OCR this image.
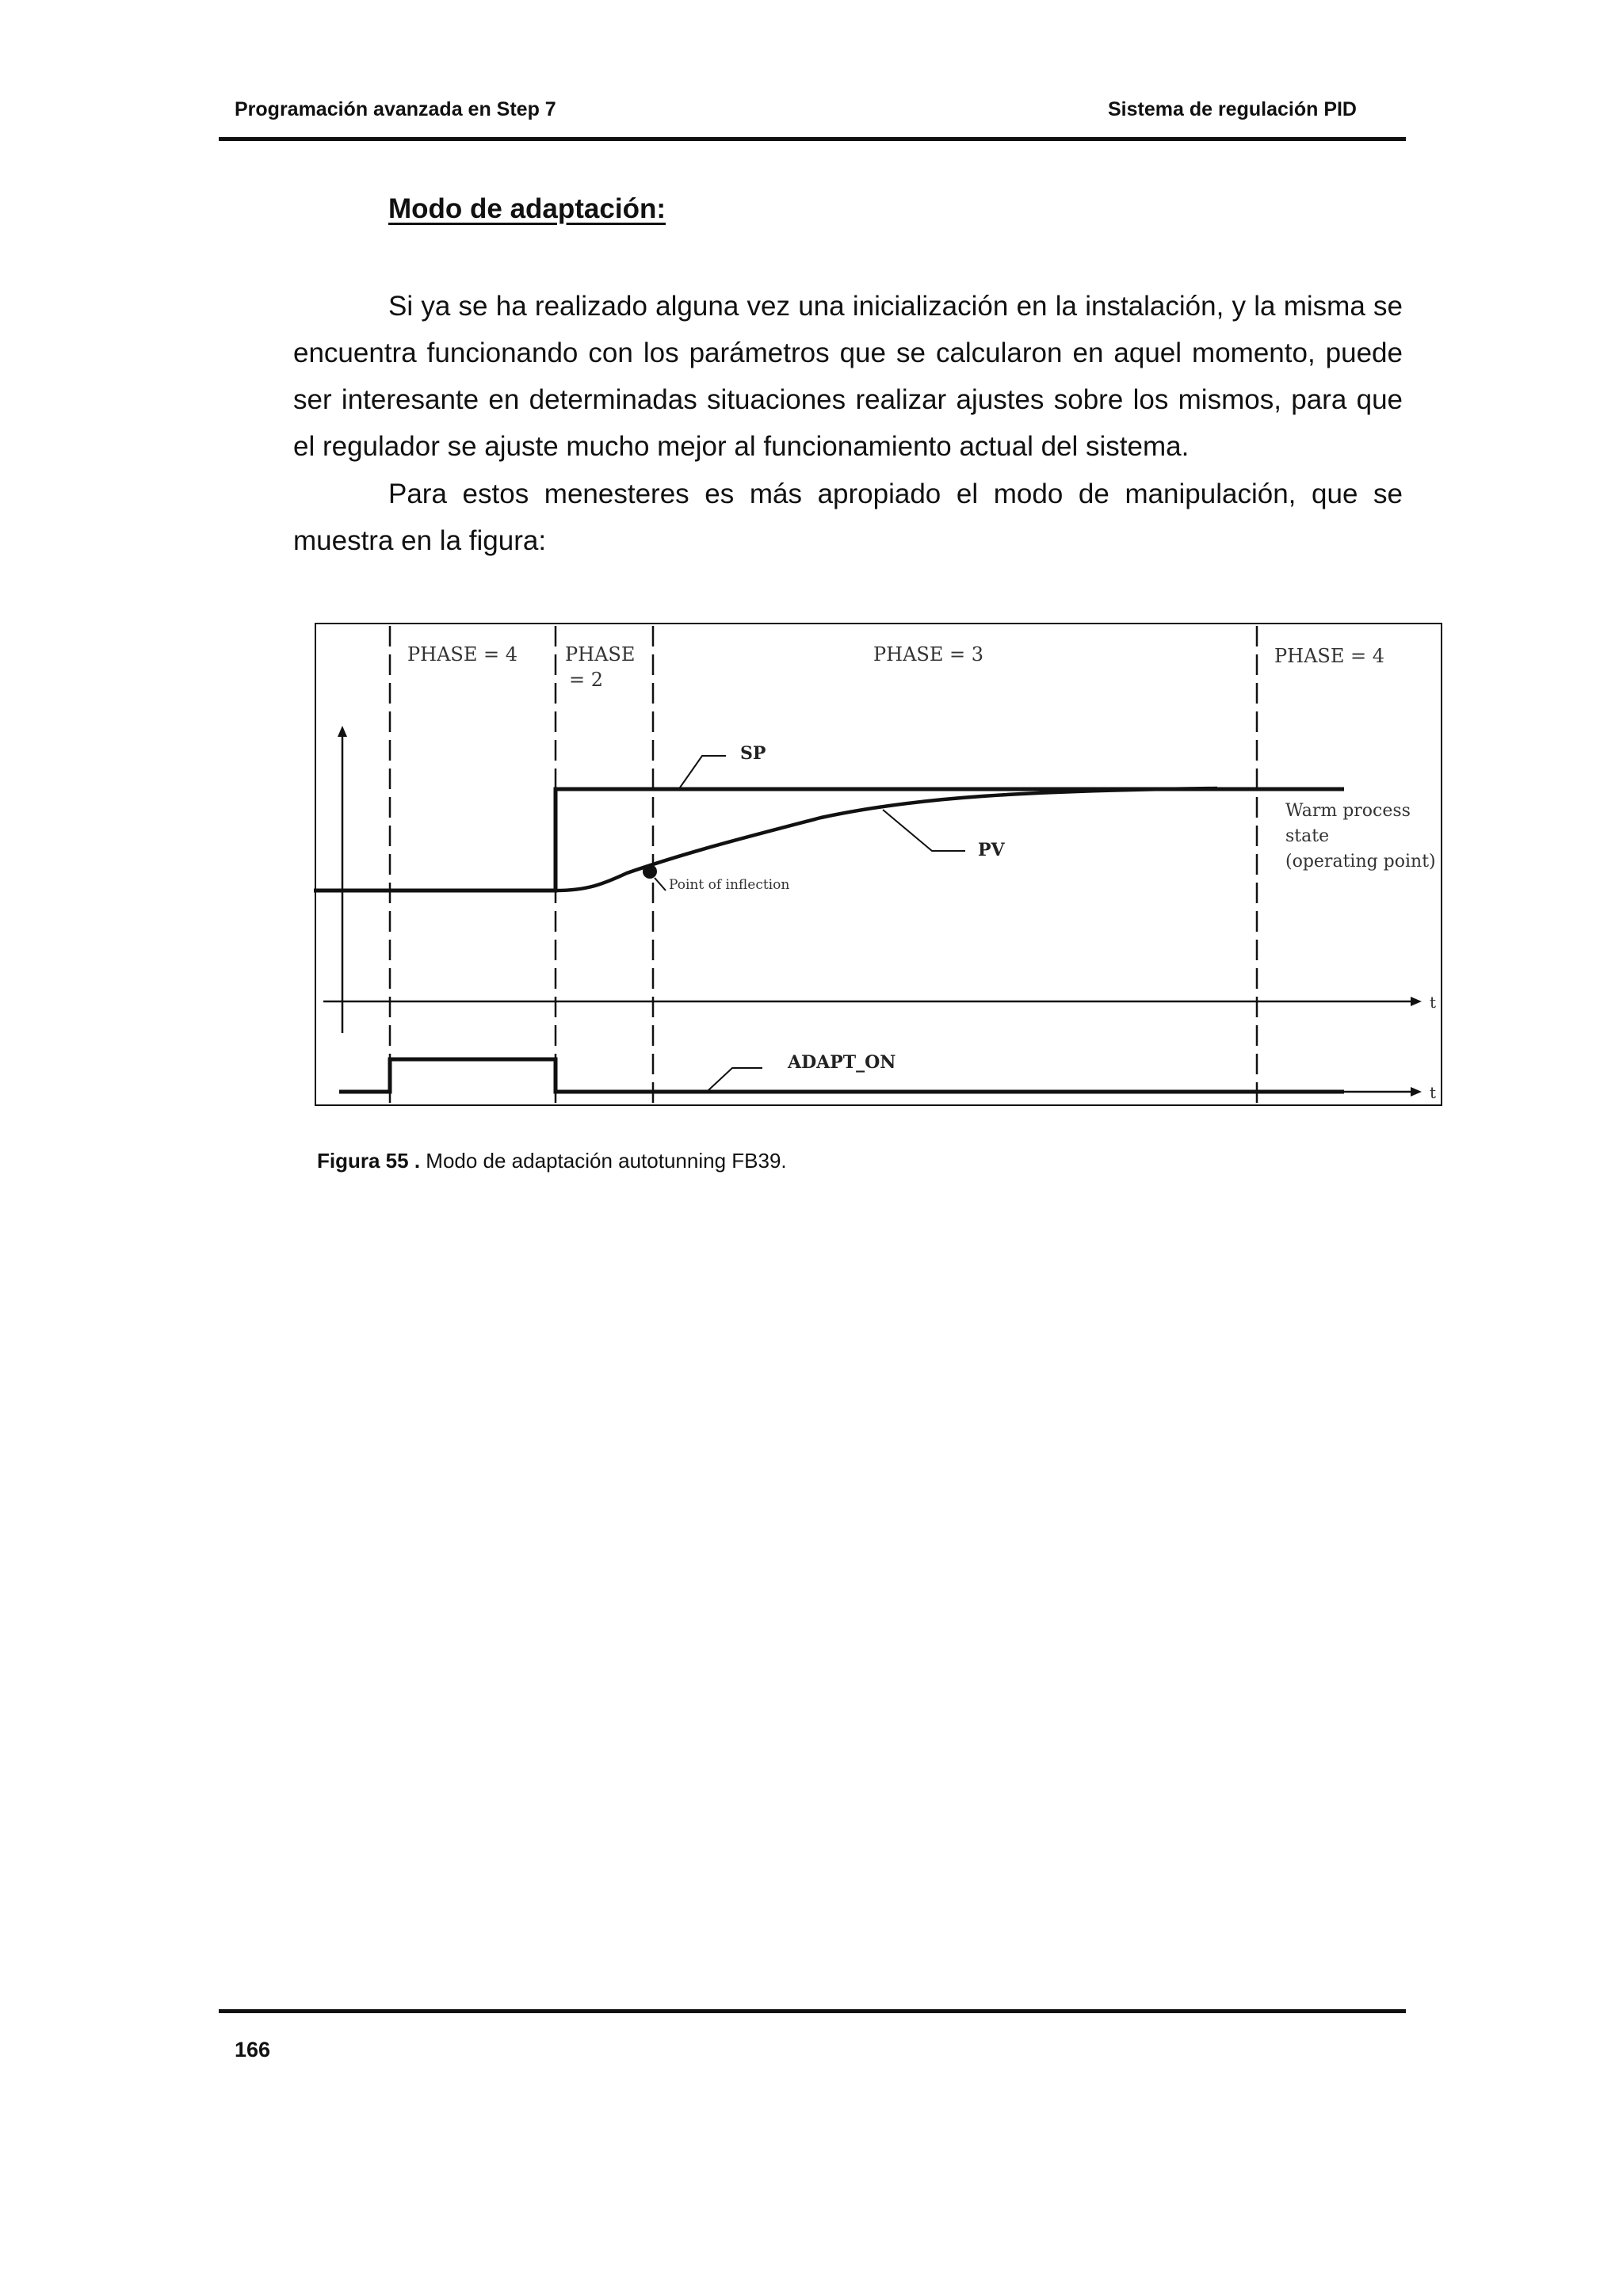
Programación avanzada en Step 7	Sistema de regulación PID
Modo de adaptación:

Si ya se ha realizado alguna vez una inicialización en la instalación, y la misma se encuentra funcionando con los parámetros que se calcularon en aquel momento, puede ser interesante en determinadas situaciones realizar ajustes sobre los mismos, para que el regulador se ajuste mucho mejor al funcionamiento actual del sistema.

Para estos menesteres es más apropiado el modo de manipulación, que se muestra en la figura:

PHASE = 4 PHASE
= 2
PHASE = 3	PHASE = 4
t
t
Point of inflection
SP
PV
Warm process
state
(operating point)
ADAPT_ON
Figura 55 . Modo de adaptación autotunning FB39.
166
